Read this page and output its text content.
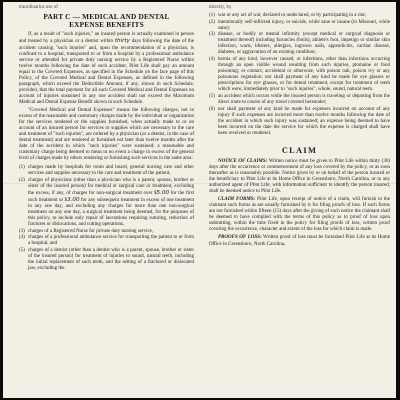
traordinarius use of
PART C — MEDICAL AND DENTAL
EXPENSE BENEFITS

If, as a result of "such injuries," an insured person is actually examined in person and treated by a physician or a dentist within thirty days following the date of the accident causing "such injuries" and, upon the recommendation of a physician, is confined to a hospital, transported to or from a hospital by a professional ambulance service or attended for private duty nursing service by a Registered Nurse within twelve months following the date of such accident, Pilot Life shall pay an amount equal to the Covered Expenses, as specified in the Schedule on the face page of this Policy, of the Covered Medical and Dental Expenses, as defined in the following paragraph, which exceed the Deductible Amount, if any, shown in such Schedule, provided, that the total payment for all such Covered Medical and Dental Expenses on account of injuries sustained in any one accident shall not exceed the Maximum Medical and Dental Expense Benefit shown in such Schedule.

"Covered Medical and Dental Expenses" means the following charges, not in excess of the reasonable and customary charges made by the individual or organization for the services rendered or the supplies furnished, when actually made to or on account of an insured person for services or supplies which are necessary to the care and treatment of "such injuries", are ordered by a physician (or a dentist, in the case of dental treatment) and are rendered or furnished not later than twelve months after the date of the accident in which "such injuries" were sustained; a reasonable and customary charge being deemed to mean to no event a charge in excess of the general level of charges made by others rendering or furnishing such services in the same area:

(1) charges made by hospitals for room and board, general nursing care and other services and supplies necessary to the care and treatment of the patient,
(2) charges of physicians (other than a physician who is a parent, spouse, brother or sister of the insured person) for medical or surgical care or treatment, excluding the excess, if any, of charges for non-surgical treatment over $5.00 for the first such treatment or $3.00 for any subsequent treatment in excess of one treatment in any one day, and excluding any charges for more than one non-surgical treatment on any one day, a surgical treatment being deemed, for the purposes of this policy, to include only repair of lacerations requiring suturing, reduction of fractures or dislocations, and cutting operations,
(3) charges of a Registered Nurse for private duty nursing service,
(4) charges of a professional ambulance service for transporting the patient to or from a hospital, and
(5) charges of a dentist (other than a dentist who is a parent, spouse, brother or sister of the insured person) for treatment of injuries to sound, natural teeth, including the initial replacement of such teeth, and the setting of a fractured or dislocated jaw, excluding the
directly, by
(1) war or any act of war, declared or undeclared, or by participating in a riot;
(2) intentionally self-inflicted injury, or suicide, while sane or insane (in Missouri, while sane);
(3) disease, or bodily or mental infirmity (except medical or surgical diagnosis or treatment thereof) including furuncles (boils), athlete's foot, impetigo or similar skin infection, warts, blisters, allergies, ingrown nails, appendicitis, cardiac disease, diabetes, or aggravation of an existing condition;
(4) hernia of any kind, however caused, or infections, other than infections occurring through an open visible wound resulting from such injuries, ptomaine or food poisoning; or contact, accidental or otherwise, with poison oak, poison ivy or any poisonous vegetation; nor shall payment of any kind be made for eye glasses or prescriptions for eye glasses, or for dental treatment, except for treatment of teeth which were, immediately prior to "such injuries", whole, sound, natural teeth.
(5) an accident which occurs while the insured person is traveling or departing from the direct route to course of any travel covered hereunder;
(6) nor shall payment of any kind be made for expenses incurred on account of any injury if such expenses are incurred more than twelve months following the date of the accident in which such injury was sustained; an expense being deemed to have been incurred on the date the service for which the expense is charged shall have been received or rendered.
CLAIM

NOTICE OF CLAIMS: Written notice must be given to Pilot Life within thirty (30) days after the occurrence or commencement of any loss covered by the policy, or as soon thereafter as is reasonably possible. Notice given by or on behalf of the person insured or the beneficiary to Pilot Life at its Home Office in Greensboro, North Carolina, or to any authorized agent of Pilot Life, with information sufficient to identify the person insured, shall be deemed notice to Pilot Life.

CLAIM FORMS: Pilot Life, upon receipt of notice of a claim, will furnish to the claimant such forms as are usually furnished by it for filing proofs of loss. If such forms are not furnished within fifteen (15) days after the giving of such notice the claimant shall be deemed to have complied with the terms of this policy as to proof of loss upon submitting, within the time fixed in the policy for filing proofs of loss, written proof covering the occurrence, character and extent of the loss for which claim is made.

PROOFS OF LOSS: Written proof of loss must be furnished Pilot Life at its Home Office in Greensboro, North Carolina,
